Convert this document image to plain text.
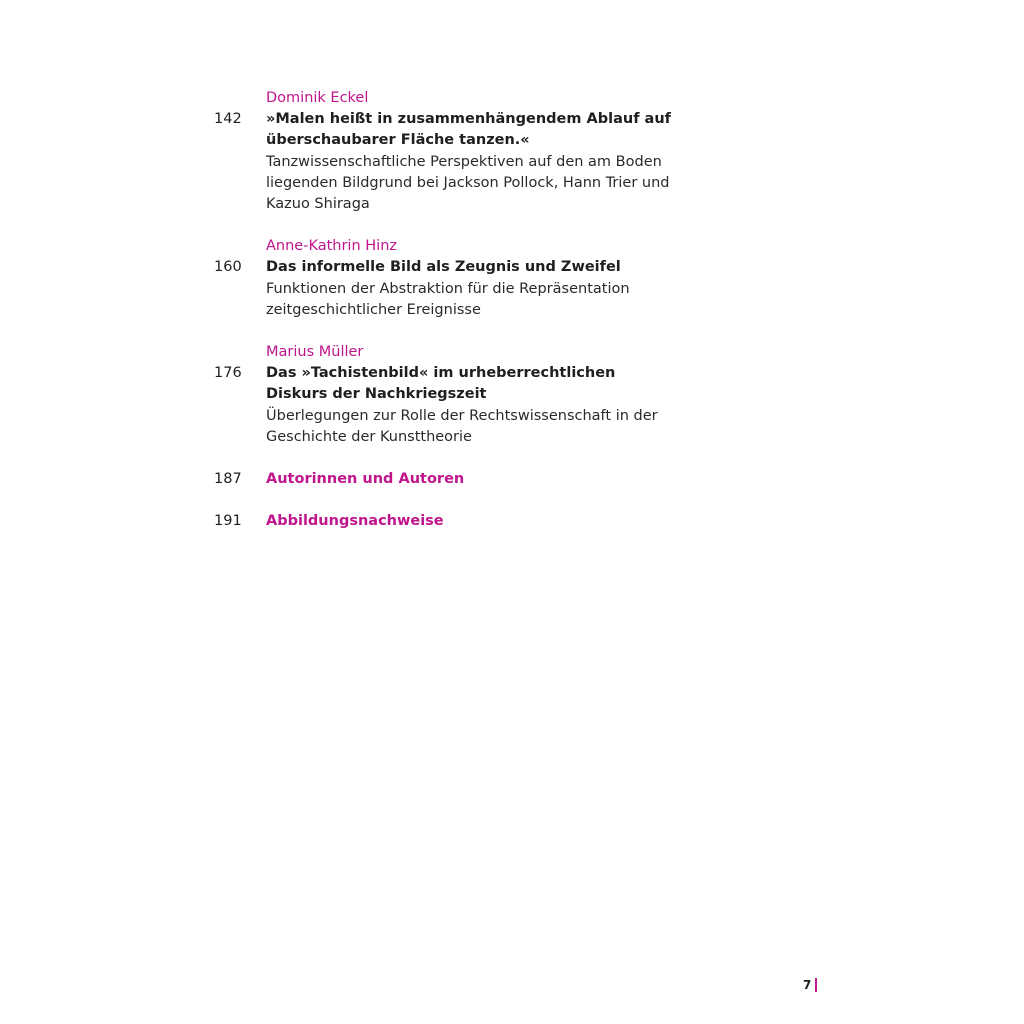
Dominik Eckel
142 »Malen heißt in zusammenhängendem Ablauf auf überschaubarer Fläche tanzen.«
Tanzwissenschaftliche Perspektiven auf den am Boden liegenden Bildgrund bei Jackson Pollock, Hann Trier und Kazuo Shiraga
Anne-Kathrin Hinz
160 Das informelle Bild als Zeugnis und Zweifel
Funktionen der Abstraktion für die Repräsentation zeitgeschichtlicher Ereignisse
Marius Müller
176 Das »Tachistenbild« im urheberrechtlichen Diskurs der Nachkriegszeit
Überlegungen zur Rolle der Rechtswissenschaft in der Geschichte der Kunsttheorie
187 Autorinnen und Autoren
191 Abbildungsnachweise
7
